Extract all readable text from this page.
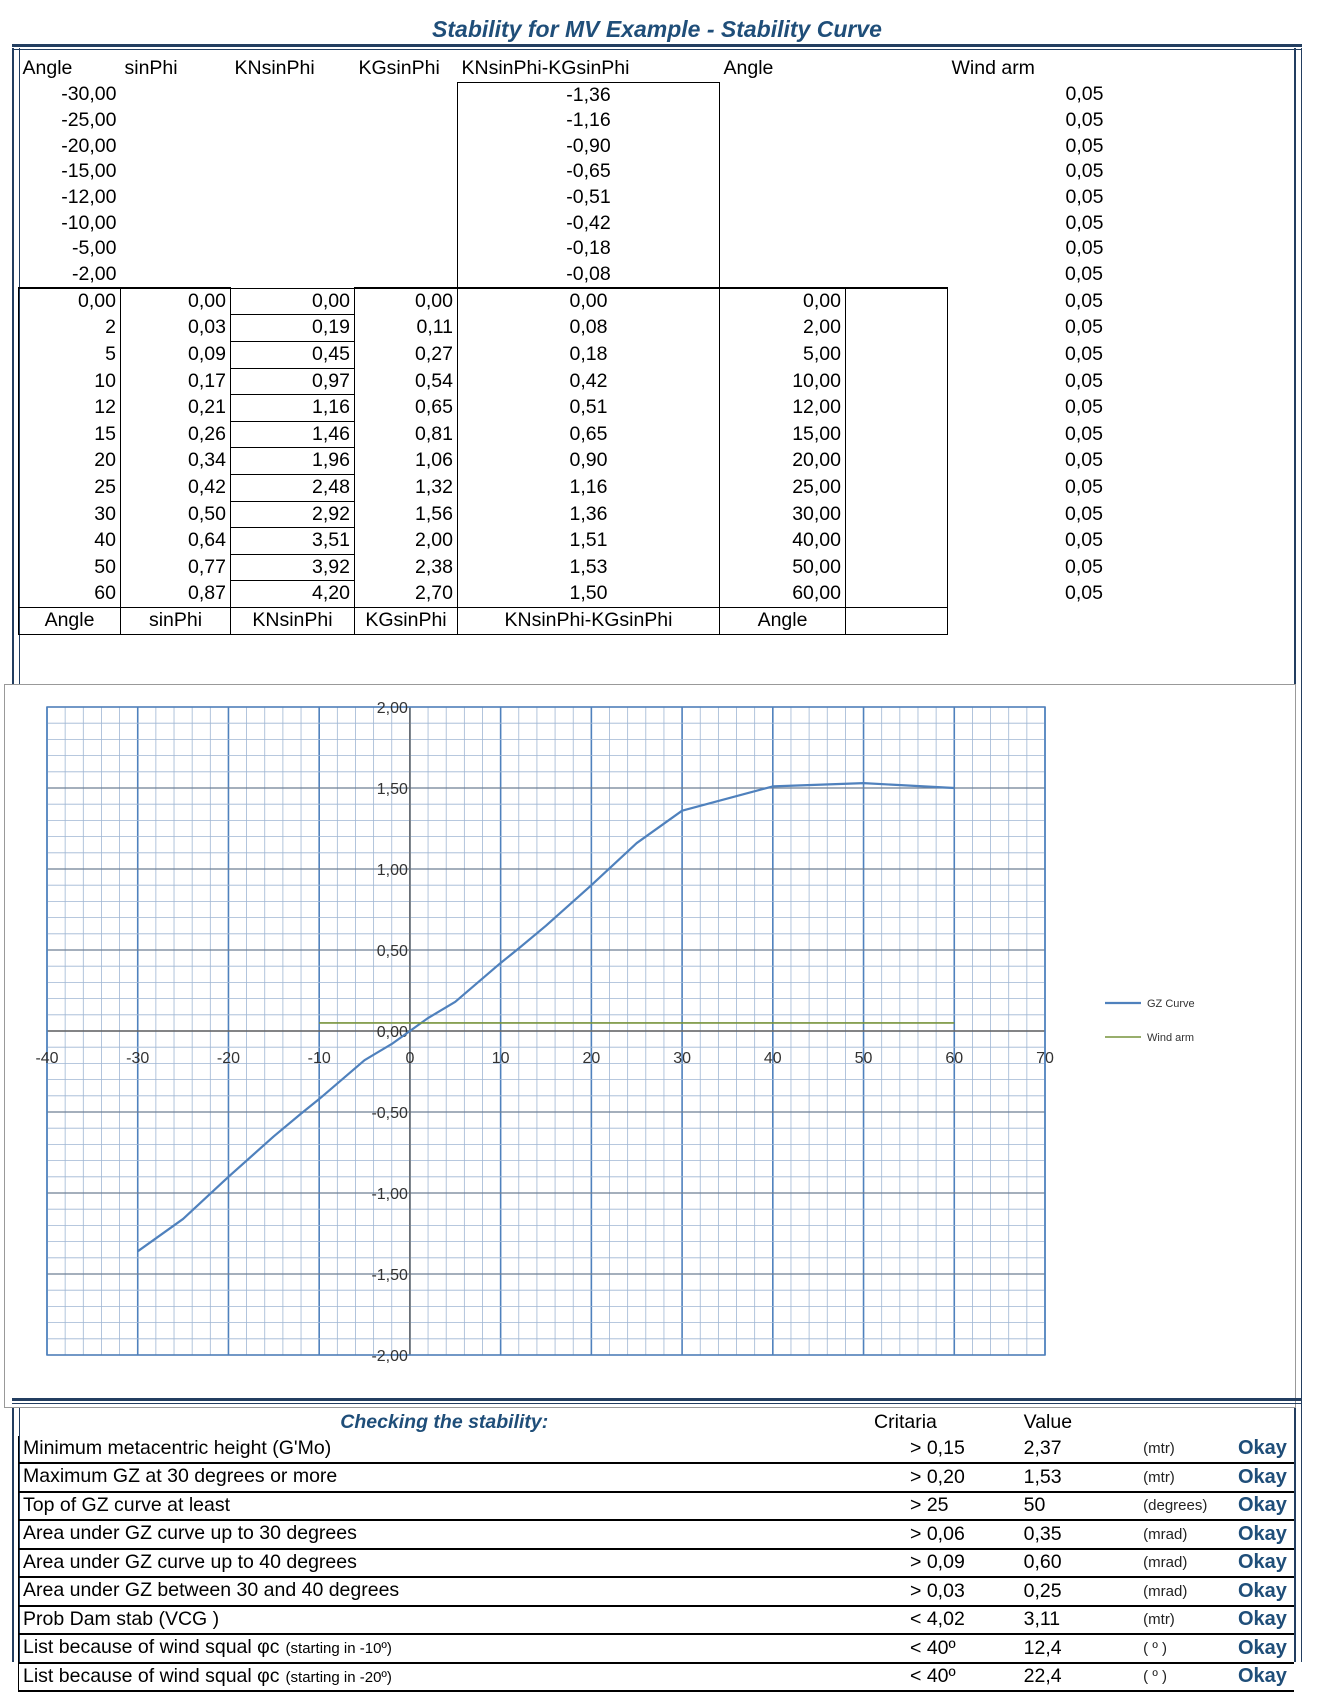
Stability for MV Example - Stability Curve
Angle	sinPhi	KNsinPhi	KGsinPhi	KNsinPhi-KGsinPhi	Angle		Wind arm
-30,00				-1,36			0,05
-25,00				-1,16			0,05
-20,00				-0,90			0,05
-15,00				-0,65			0,05
-12,00				-0,51			0,05
-10,00				-0,42			0,05
-5,00				-0,18			0,05
-2,00				-0,08			0,05
0,00	0,00	0,00	0,00	0,00	0,00		0,05
2	0,03	0,19	0,11	0,08	2,00		0,05
5	0,09	0,45	0,27	0,18	5,00		0,05
10	0,17	0,97	0,54	0,42	10,00		0,05
12	0,21	1,16	0,65	0,51	12,00		0,05
15	0,26	1,46	0,81	0,65	15,00		0,05
20	0,34	1,96	1,06	0,90	20,00		0,05
25	0,42	2,48	1,32	1,16	25,00		0,05
30	0,50	2,92	1,56	1,36	30,00		0,05
40	0,64	3,51	2,00	1,51	40,00		0,05
50	0,77	3,92	2,38	1,53	50,00		0,05
60	0,87	4,20	2,70	1,50	60,00		0,05
Angle	sinPhi	KNsinPhi	KGsinPhi	KNsinPhi-KGsinPhi	Angle		
-40	-30	-20	-10	0	10	20	30	40	50	60	70
2,00
1,50
1,00
0,50
0,00
-0,50
-1,00
-1,50
-2,00
GZ Curve
Wind arm
Checking the stability:	Critaria	Value		
Minimum metacentric height (G'Mo)	> 0,15	2,37	(mtr)	Okay
Maximum GZ at 30 degrees or more	> 0,20	1,53	(mtr)	Okay
Top of GZ curve at least	> 25	50	(degrees)	Okay
Area under GZ curve up to 30 degrees	> 0,06	0,35	(mrad)	Okay
Area under GZ curve up to 40 degrees	> 0,09	0,60	(mrad)	Okay
Area under GZ between 30 and 40 degrees	> 0,03	0,25	(mrad)	Okay
Prob Dam stab (VCG )	< 4,02	3,11	(mtr)	Okay
List because of wind squal φc (starting in -10º)	< 40º	12,4	( º )	Okay
List because of wind squal φc (starting in -20º)	< 40º	22,4	( º )	Okay
